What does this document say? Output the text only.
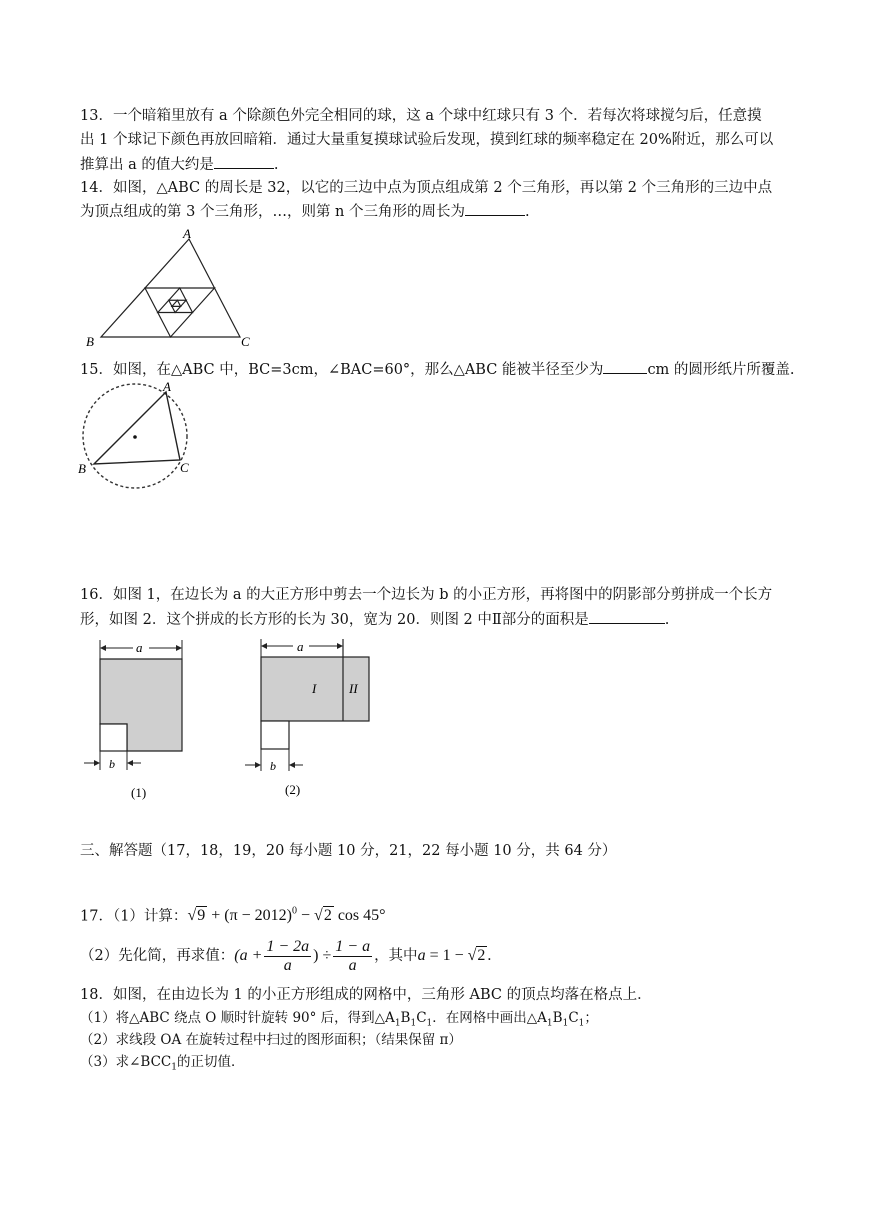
13．一个暗箱里放有 a 个除颜色外完全相同的球，这 a 个球中红球只有 3 个．若每次将球搅匀后，任意摸
出 1 个球记下颜色再放回暗箱．通过大量重复摸球试验后发现，摸到红球的频率稳定在 20%附近，那么可以
推算出 a 的值大约是	.
14．如图，△ABC 的周长是 32，以它的三边中点为顶点组成第 2 个三角形，再以第 2 个三角形的三边中点
为顶点组成的第 3 个三角形，…，则第 n 个三角形的周长为	.
A
B	C
15．如图，在△ABC 中，BC=3cm，∠BAC=60°，那么△ABC 能被半径至少为	cm 的圆形纸片所覆盖.
A
B	C
16．如图 1，在边长为 a 的大正方形中剪去一个边长为 b 的小正方形，再将图中的阴影部分剪拼成一个长方
形，如图 2．这个拼成的长方形的长为 30，宽为 20．则图 2 中Ⅱ部分的面积是	.
a
b
(1)
a
I	II
b
(2)
三、解答题（17，18，19，20 每小题 10 分，21，22 每小题 10 分，共 64 分）
17．（1）计算：$√9 + (\pi - 2012)^0 - √2$ cos 45°
（2）先化简，再求值：($a + \frac{1 - 2a}{a}$ ) ÷ $\frac{1 - a}{a}$ ，其中a = 1 − √2 .
18．如图，在由边长为 1 的小正方形组成的网格中，三角形 ABC 的顶点均落在格点上．
（1）将△ABC 绕点 O 顺时针旋转 90° 后，得到$\triangle A_1B_1C_1$．在网格中画出$\triangle A_1B_1C_1$；
（2）求线段 OA 在旋转过程中扫过的图形面积；（结果保留 π）
（3）求$\angle BCC_1$的正切值．
